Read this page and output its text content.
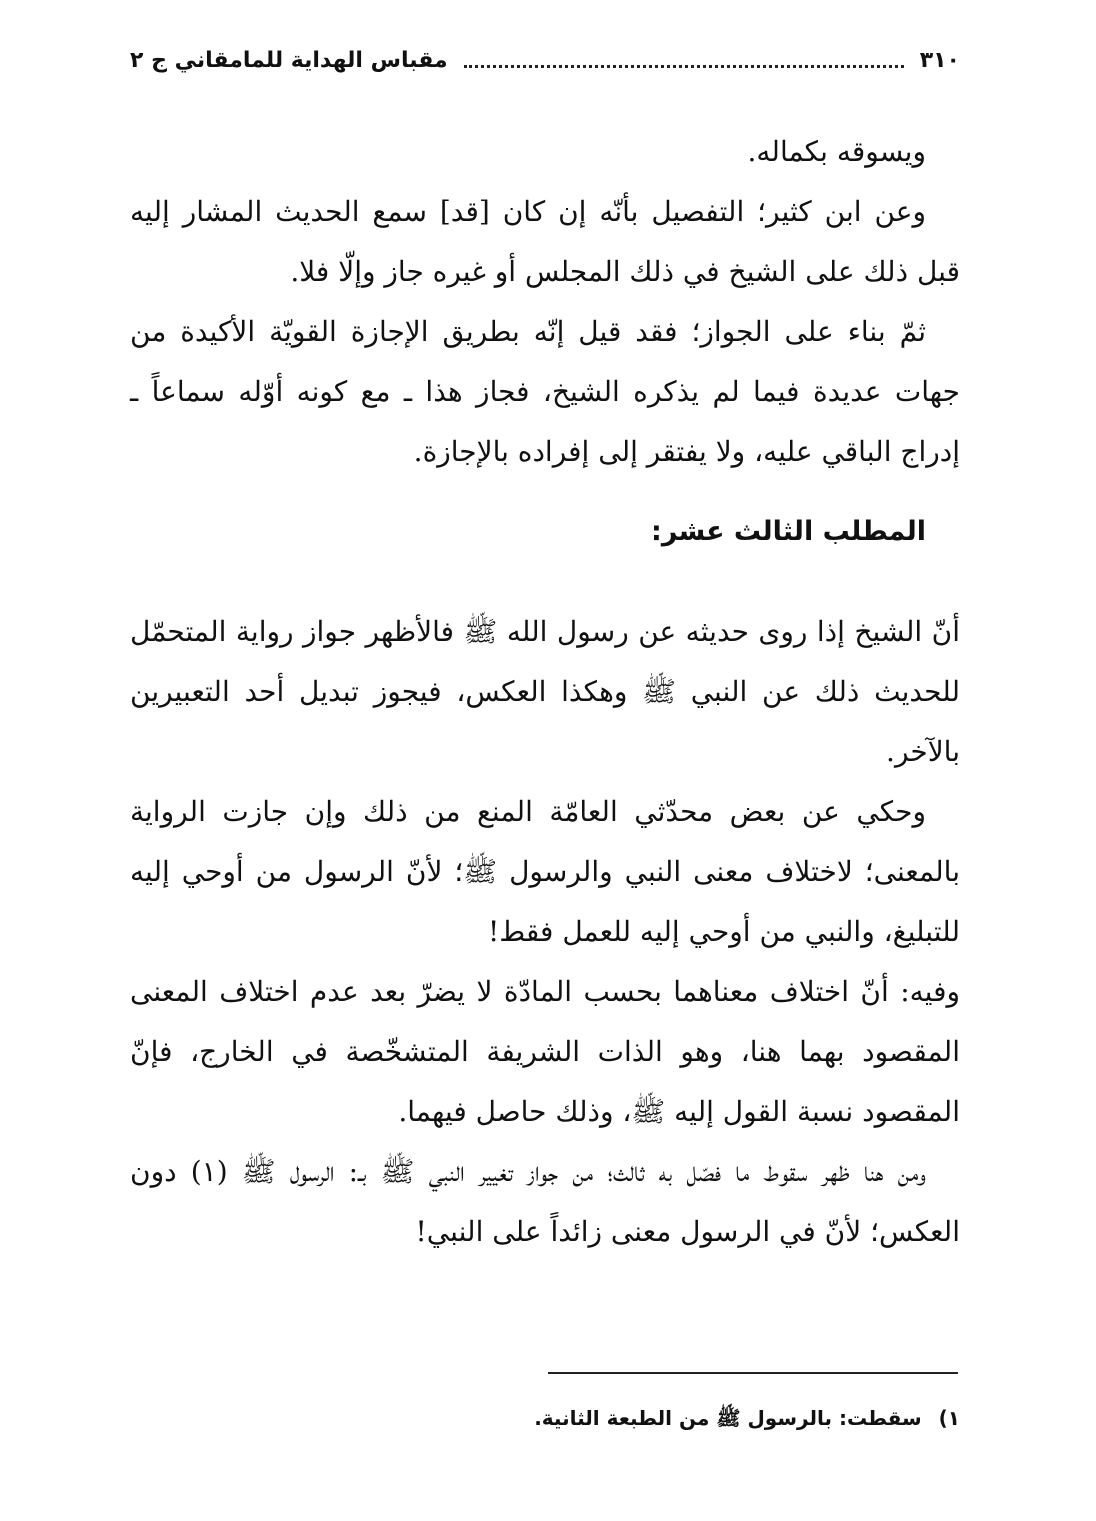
٣١٠
مقباس الهداية للمامقاني ج ٢

ويسوقه بكماله.

وعن ابن كثير؛ التفصيل بأنّه إن كان [قد] سمع الحديث المشار إليه قبل ذلك على الشيخ في ذلك المجلس أو غيره جاز وإلّا فلا.

ثمّ بناء على الجواز؛ فقد قيل إنّه بطريق الإجازة القويّة الأكيدة من جهات عديدة فيما لم يذكره الشيخ، فجاز هذا ـ مع كونه أوّله سماعاً ـ إدراج الباقي عليه، ولا يفتقر إلى إفراده بالإجازة.

المطلب الثالث عشر:

أنّ الشيخ إذا روى حديثه عن رسول الله ﷺ فالأظهر جواز رواية المتحمّل للحديث ذلك عن النبي ﷺ وهكذا العكس، فيجوز تبديل أحد التعبيرين بالآخر.

وحكي عن بعض محدّثي العامّة المنع من ذلك وإن جازت الرواية بالمعنى؛ لاختلاف معنى النبي والرسول ﷺ؛ لأنّ الرسول من أوحي إليه للتبليغ، والنبي من أوحي إليه للعمل فقط!

وفيه: أنّ اختلاف معناهما بحسب المادّة لا يضرّ بعد عدم اختلاف المعنى المقصود بهما هنا، وهو الذات الشريفة المتشخّصة في الخارج، فإنّ المقصود نسبة القول إليه ﷺ، وذلك حاصل فيهما.

ومن هنا ظهر سقوط ما فصّل به ثالث؛ من جواز تغيير النبي ﷺ بـ: الرسول ﷺ (١) دون العكس؛ لأنّ في الرسول معنى زائداً على النبي!

١) سقطت: بالرسول ﷺ من الطبعة الثانية.
